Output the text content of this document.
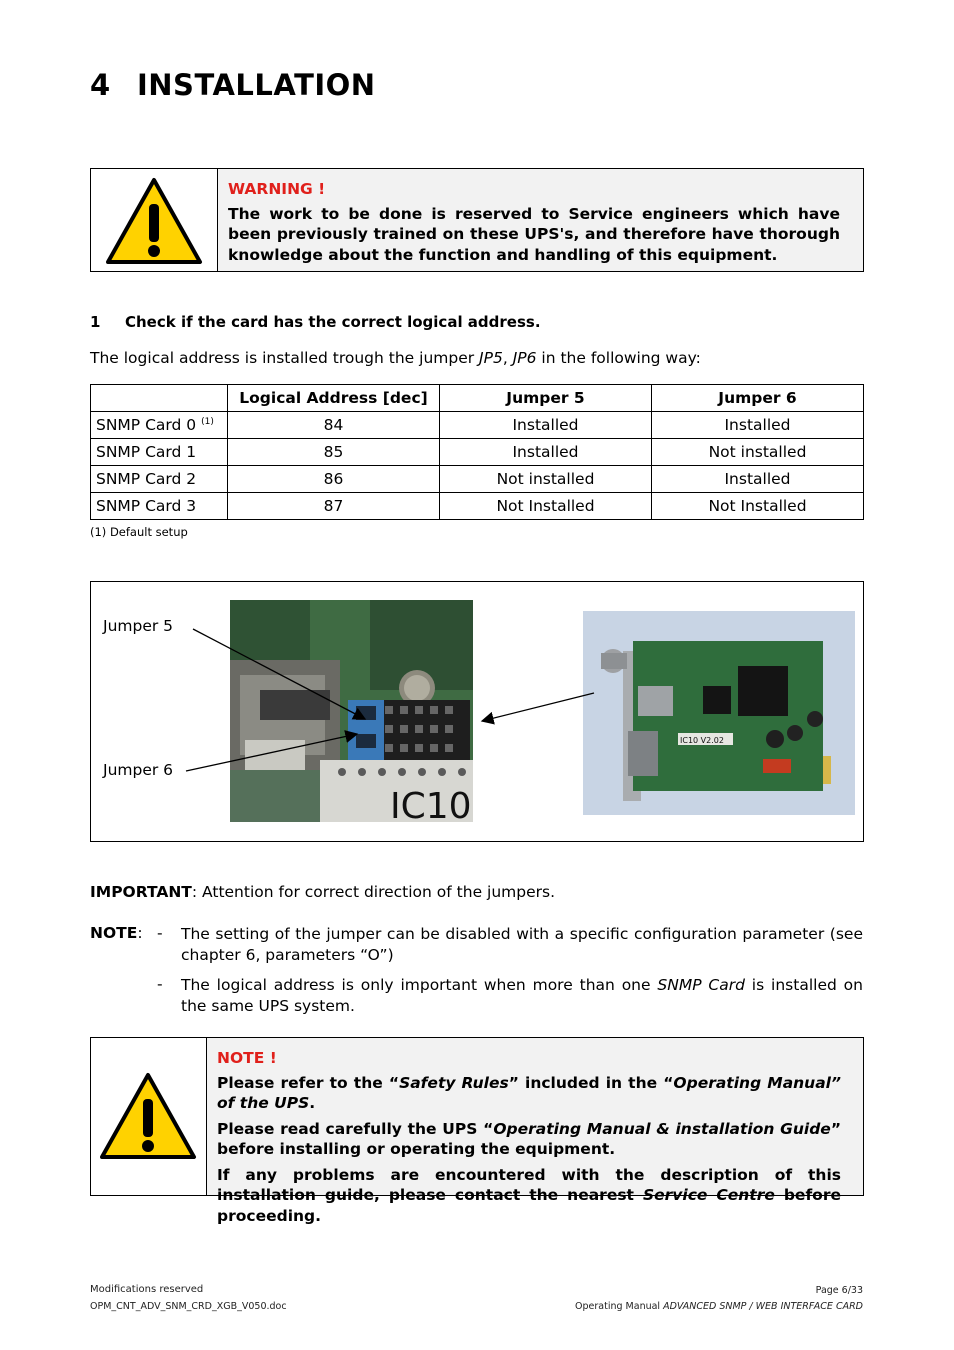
4 INSTALLATION
WARNING !
The work to be done is reserved to Service engineers which have been previously trained on these UPS's, and therefore have thorough knowledge about the function and handling of this equipment.
1 Check if the card has the correct logical address.
The logical address is installed trough the jumper JP5, JP6 in the following way:
	Logical Address [dec]	Jumper 5	Jumper 6
SNMP Card 0 $^{(1)}$	84	Installed	Installed
SNMP Card 1	85	Installed	Not installed
SNMP Card 2	86	Not installed	Installed
SNMP Card 3	87	Not Installed	Not Installed
(1) Default setup
Jumper 5
Jumper 6
IC10
IC10 V2.02
IMPORTANT: Attention for correct direction of the jumpers.
NOTE: - The setting of the jumper can be disabled with a specific configuration parameter (see chapter 6, parameters “O”)
- The logical address is only important when more than one SNMP Card is installed on the same UPS system.
NOTE !
Please refer to the “Safety Rules” included in the “Operating Manual” of the UPS.
Please read carefully the UPS “Operating Manual & installation Guide” before installing or operating the equipment.
If any problems are encountered with the description of this installation guide, please contact the nearest Service Centre before proceeding.
Modifications reserved
OPM_CNT_ADV_SNM_CRD_XGB_V050.doc
Page 6/33
Operating Manual ADVANCED SNMP / WEB INTERFACE CARD
